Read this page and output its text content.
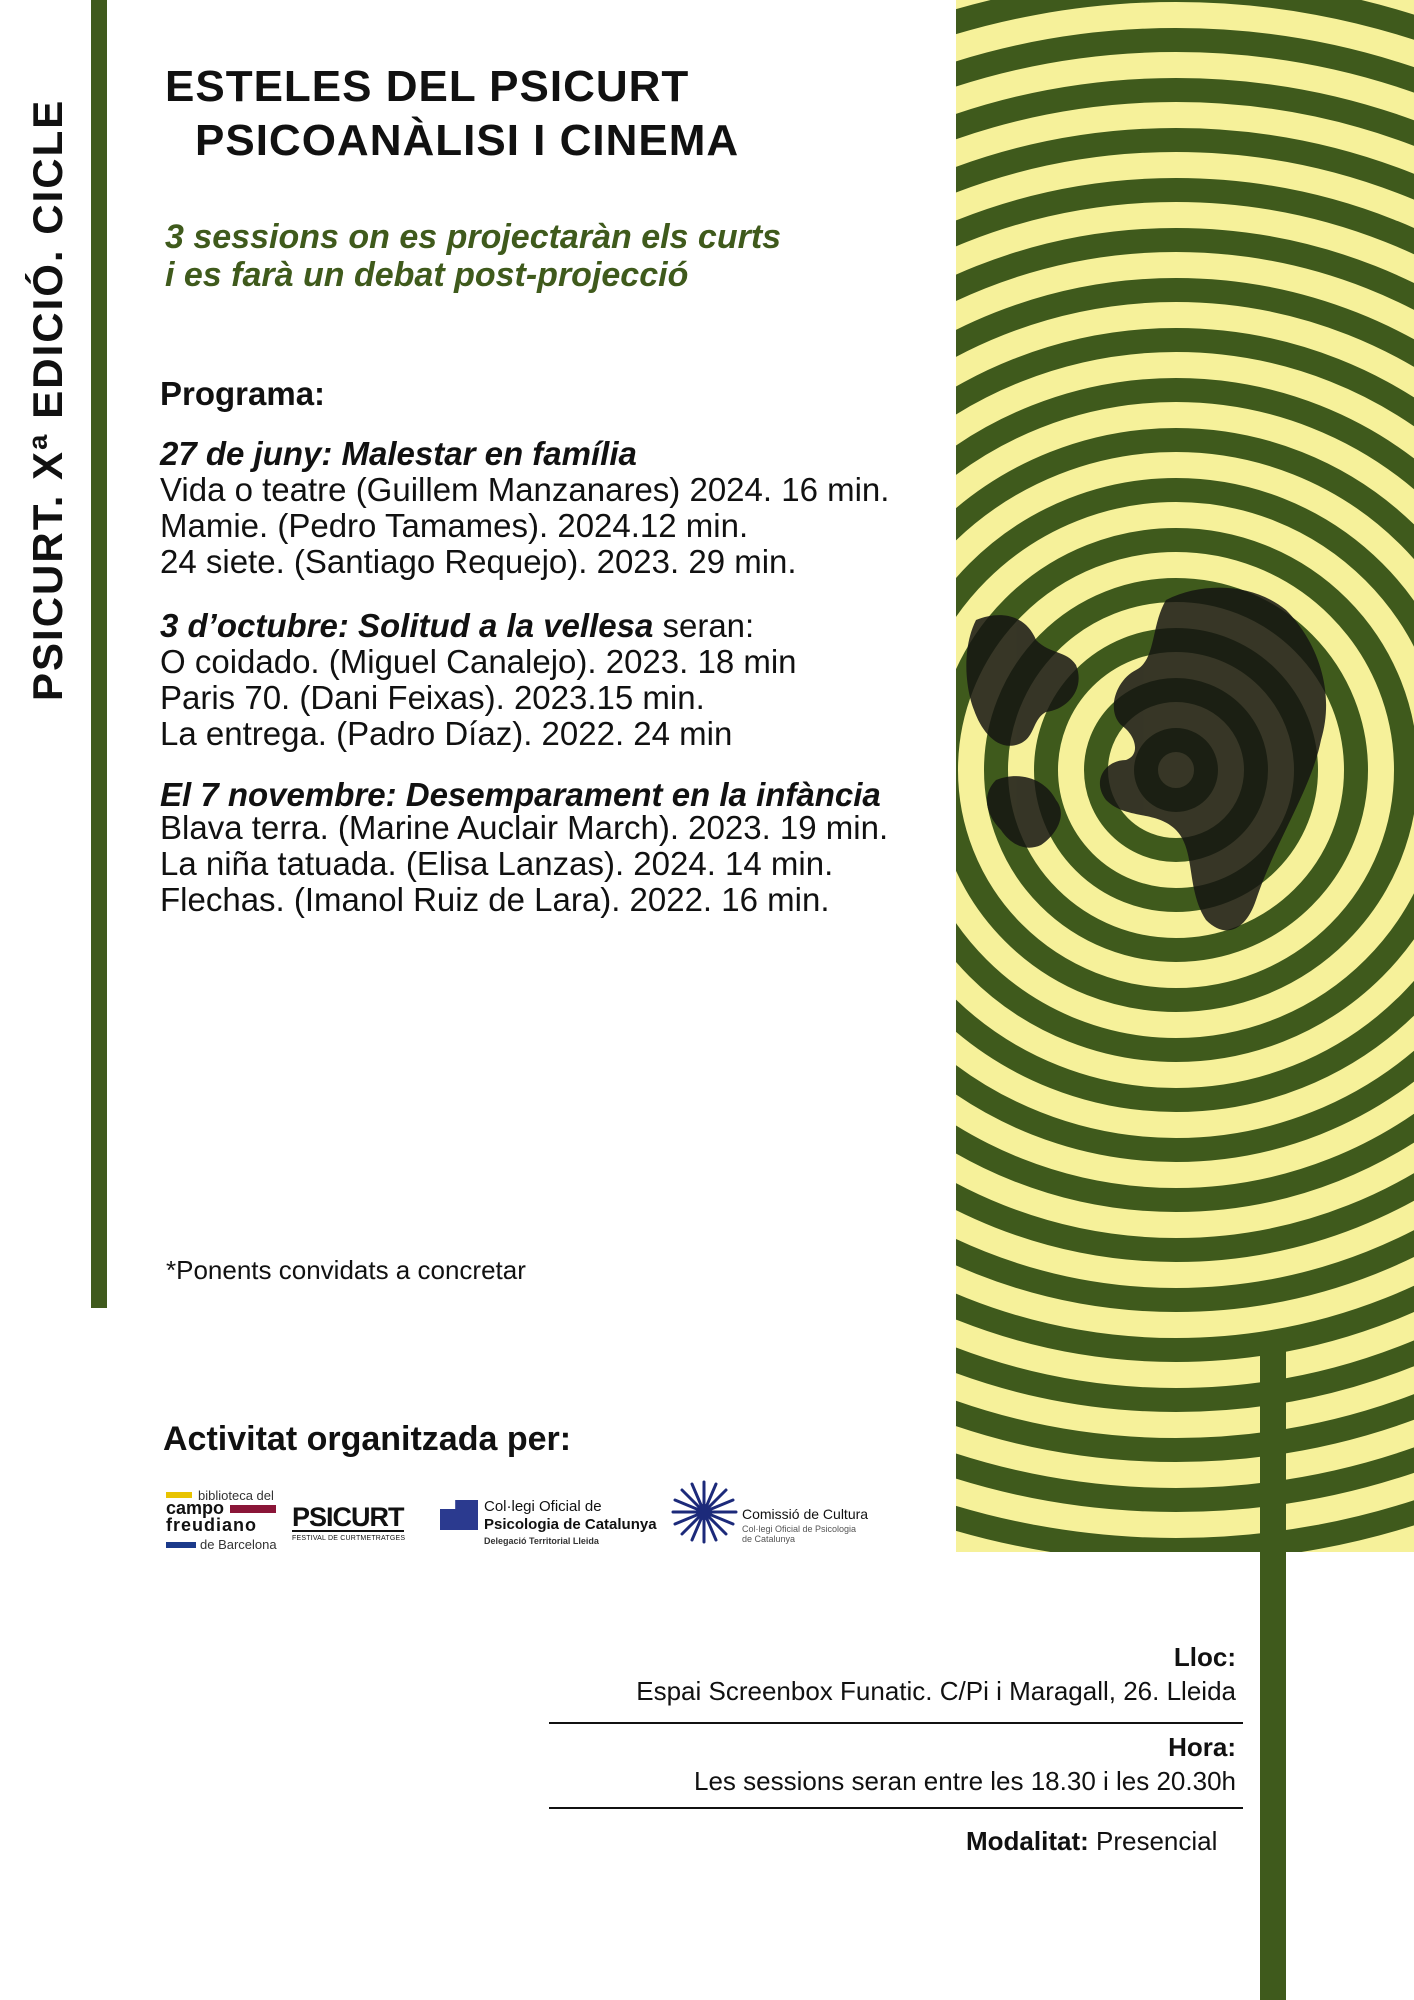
PSICURT. Xª EDICIÓ. CICLE
ESTELES DEL PSICURT
PSICOANÀLISI I CINEMA
3 sessions on es projectaràn els curts
i es farà un debat post-projecció
Programa:
27 de juny: Malestar en família
Vida o teatre (Guillem Manzanares) 2024. 16 min.
Mamie. (Pedro Tamames). 2024.12 min.
24 siete. (Santiago Requejo). 2023. 29 min.
3 d’octubre: Solitud a la vellesa seran:
O coidado. (Miguel Canalejo). 2023. 18 min
Paris 70. (Dani Feixas). 2023.15 min.
La entrega. (Padro Díaz). 2022. 24 min
El 7 novembre: Desemparament en la infància
Blava terra. (Marine Auclair March). 2023. 19 min.
La niña tatuada. (Elisa Lanzas). 2024. 14 min.
Flechas. (Imanol Ruiz de Lara). 2022. 16 min.
*Ponents convidats a concretar
Activitat organitzada per:
biblioteca del
campo
freudiano
de Barcelona
PSICURT
FESTIVAL DE CURTMETRATGES
Col·legi Oficial de
Psicologia de Catalunya
Delegació Territorial Lleida
Comissió de Cultura
Col·legi Oficial de Psicologia de Catalunya
Lloc:
Espai Screenbox Funatic. C/Pi i Maragall, 26. Lleida
Hora:
Les sessions seran entre les 18.30 i les 20.30h
Modalitat: Presencial
